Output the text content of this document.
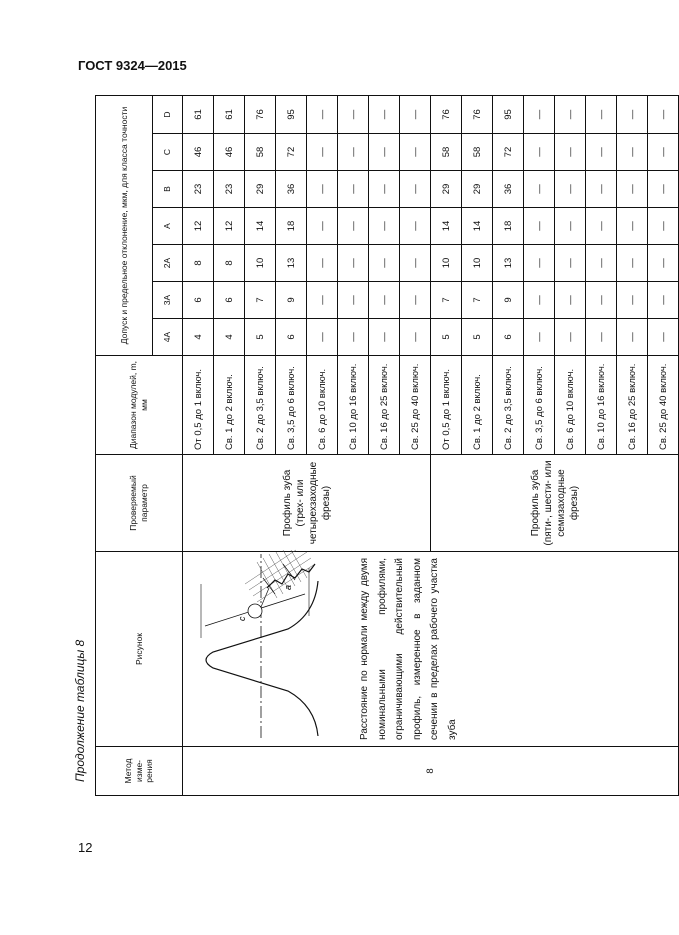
ГОСТ 9324—2015
Продолжение таблицы 8
12
Метод изме-рения	Рисунок	Проверяемый параметр	Диапазон модулей, m, мм	Допуск и предельное отклонение, мкм, для класса точности						
				4A	3A	2A	A	B	C	D
8	c
a Расстояние по нормали между двумя номинальными профилями, ограничивающими действительный профиль, измеренное в заданном сечении в пределах рабочего участка зуба	Профиль зуба (трех- или четырехзаходные фрезы)	От 0,5 до 1 включ.	4	6	8	12	23	46	61
			Св. 1 до 2 включ.	4	6	8	12	23	46	61
			Св. 2 до 3,5 включ.	5	7	10	14	29	58	76
			Св. 3,5 до 6 включ.	6	9	13	18	36	72	95
			Св. 6 до 10 включ.	—	—	—	—	—	—	—
			Св. 10 до 16 включ.	—	—	—	—	—	—	—
			Св. 16 до 25 включ.	—	—	—	—	—	—	—
			Св. 25 до 40 включ.	—	—	—	—	—	—	—
		Профиль зуба (пяти-, шести- или семизаходные фрезы)	От 0,5 до 1 включ.	5	7	10	14	29	58	76
			Св. 1 до 2 включ.	5	7	10	14	29	58	76
			Св. 2 до 3,5 включ.	6	9	13	18	36	72	95
			Св. 3,5 до 6 включ.	—	—	—	—	—	—	—
			Св. 6 до 10 включ.	—	—	—	—	—	—	—
			Св. 10 до 16 включ.	—	—	—	—	—	—	—
			Св. 16 до 25 включ.	—	—	—	—	—	—	—
			Св. 25 до 40 включ.	—	—	—	—	—	—	—
